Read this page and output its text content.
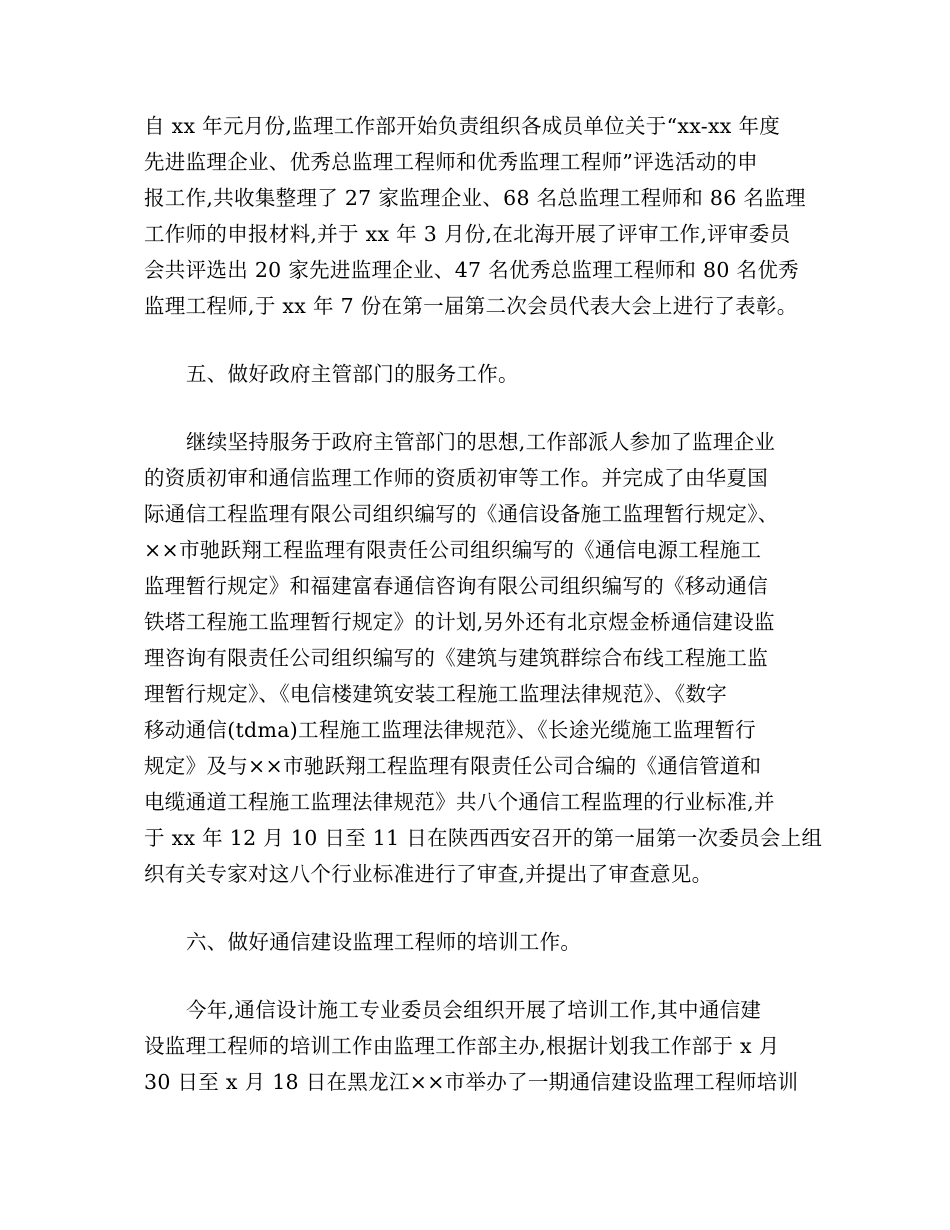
自 xx 年元月份,监理工作部开始负责组织各成员单位关于“xx-xx 年度
先进监理企业、优秀总监理工程师和优秀监理工程师”评选活动的申
报工作,共收集整理了 27 家监理企业、68 名总监理工程师和 86 名监理
工作师的申报材料,并于 xx 年 3 月份,在北海开展了评审工作,评审委员
会共评选出 20 家先进监理企业、47 名优秀总监理工程师和 80 名优秀
监理工程师,于 xx 年 7 份在第一届第二次会员代表大会上进行了表彰。
五、做好政府主管部门的服务工作。
继续坚持服务于政府主管部门的思想,工作部派人参加了监理企业
的资质初审和通信监理工作师的资质初审等工作。并完成了由华夏国
际通信工程监理有限公司组织编写的《通信设备施工监理暂行规定》、
××市驰跃翔工程监理有限责任公司组织编写的《通信电源工程施工
监理暂行规定》和福建富春通信咨询有限公司组织编写的《移动通信
铁塔工程施工监理暂行规定》的计划,另外还有北京煜金桥通信建设监
理咨询有限责任公司组织编写的《建筑与建筑群综合布线工程施工监
理暂行规定》、《电信楼建筑安装工程施工监理法律规范》、《数字
移动通信(tdma)工程施工监理法律规范》、《长途光缆施工监理暂行
规定》及与××市驰跃翔工程监理有限责任公司合编的《通信管道和
电缆通道工程施工监理法律规范》共八个通信工程监理的行业标准,并
于 xx 年 12 月 10 日至 11 日在陕西西安召开的第一届第一次委员会上组
织有关专家对这八个行业标准进行了审查,并提出了审查意见。
六、做好通信建设监理工程师的培训工作。
今年,通信设计施工专业委员会组织开展了培训工作,其中通信建
设监理工程师的培训工作由监理工作部主办,根据计划我工作部于 x 月
30 日至 x 月 18 日在黑龙江××市举办了一期通信建设监理工程师培训
